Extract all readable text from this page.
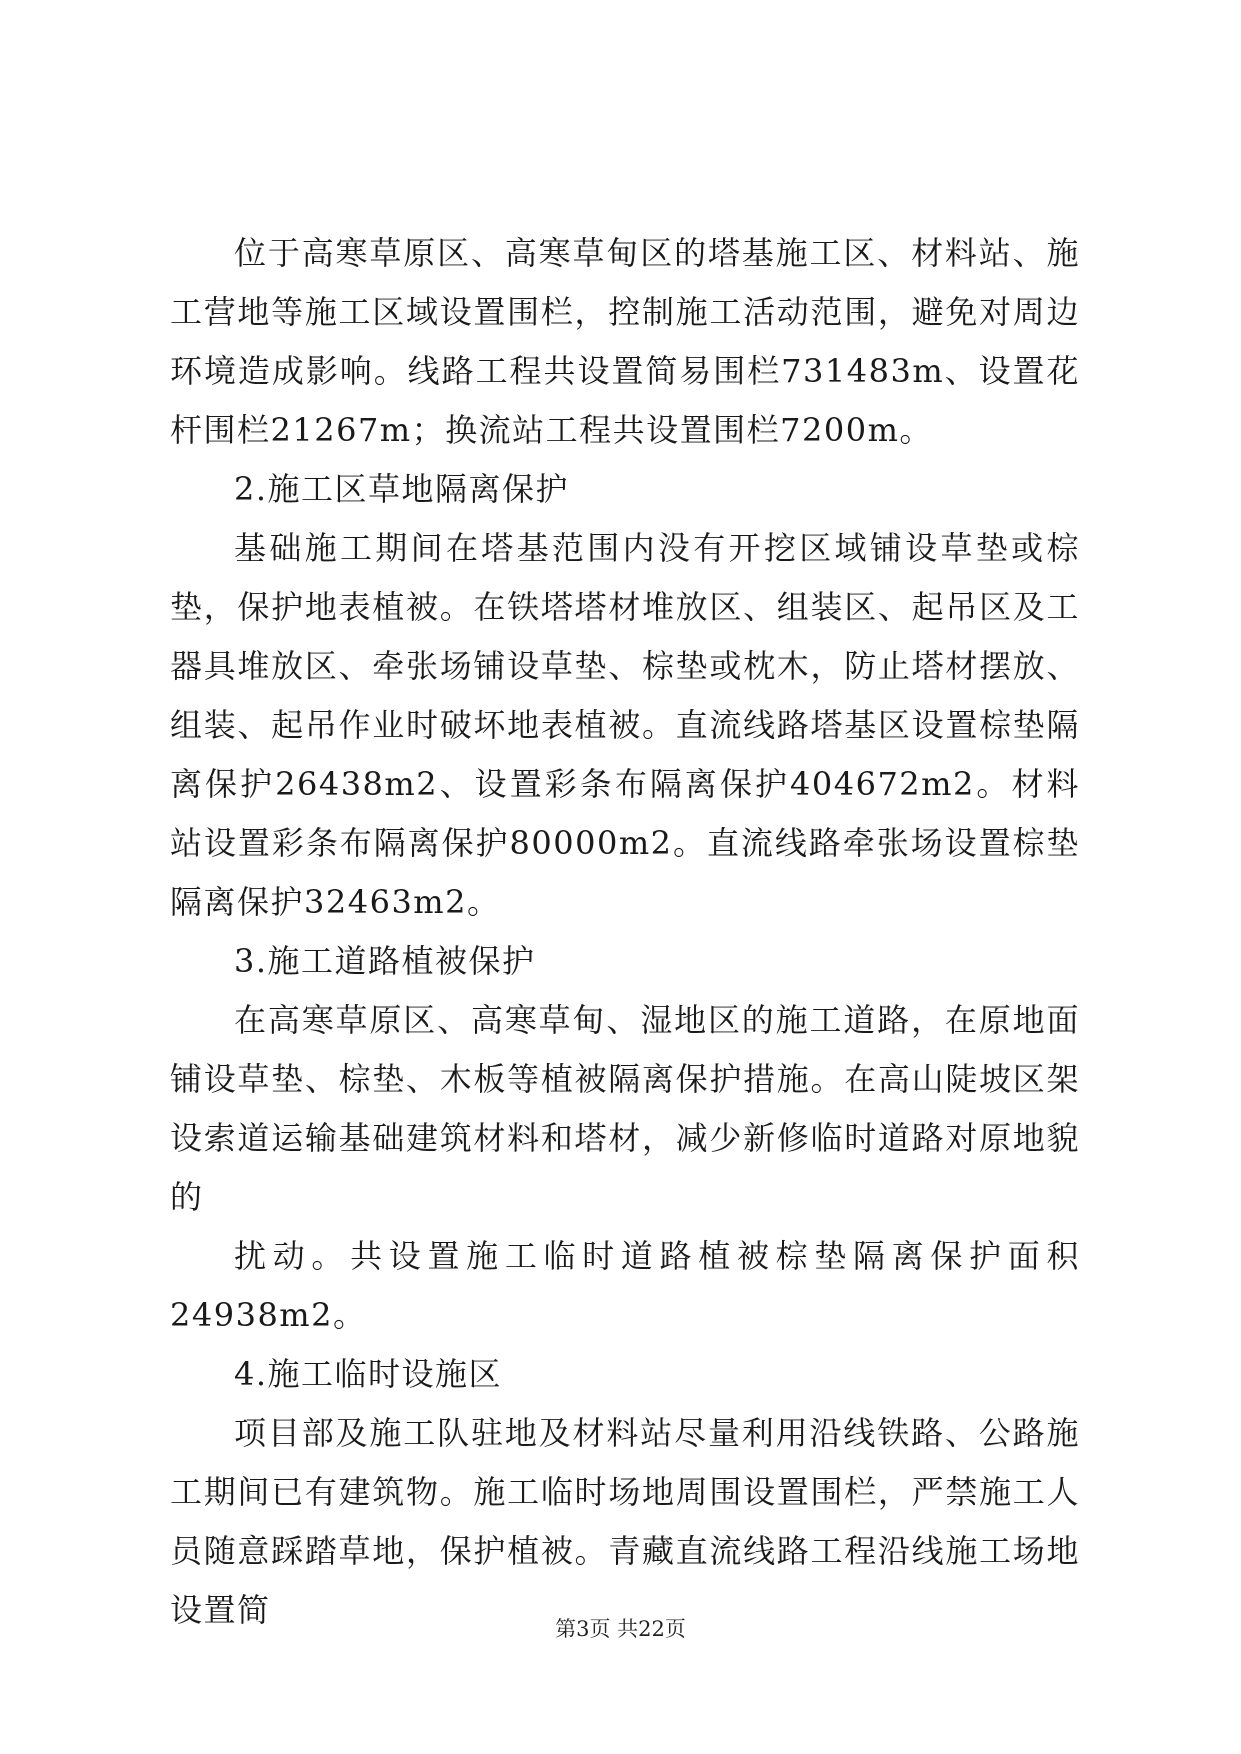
位于高寒草原区、高寒草甸区的塔基施工区、材料站、施工营地等施工区域设置围栏，控制施工活动范围，避免对周边环境造成影响。线路工程共设置简易围栏731483m、设置花杆围栏21267m；换流站工程共设置围栏7200m。

2.施工区草地隔离保护

基础施工期间在塔基范围内没有开挖区域铺设草垫或棕垫，保护地表植被。在铁塔塔材堆放区、组装区、起吊区及工器具堆放区、牵张场铺设草垫、棕垫或枕木，防止塔材摆放、组装、起吊作业时破坏地表植被。直流线路塔基区设置棕垫隔离保护26438m2、设置彩条布隔离保护404672m2。材料站设置彩条布隔离保护80000m2。直流线路牵张场设置棕垫隔离保护32463m2。

3.施工道路植被保护

在高寒草原区、高寒草甸、湿地区的施工道路，在原地面铺设草垫、棕垫、木板等植被隔离保护措施。在高山陡坡区架设索道运输基础建筑材料和塔材，减少新修临时道路对原地貌的

扰动。共设置施工临时道路植被棕垫隔离保护面积24938m2。

4.施工临时设施区

项目部及施工队驻地及材料站尽量利用沿线铁路、公路施工期间已有建筑物。施工临时场地周围设置围栏，严禁施工人员随意踩踏草地，保护植被。青藏直流线路工程沿线施工场地设置简	第3页 共22页
